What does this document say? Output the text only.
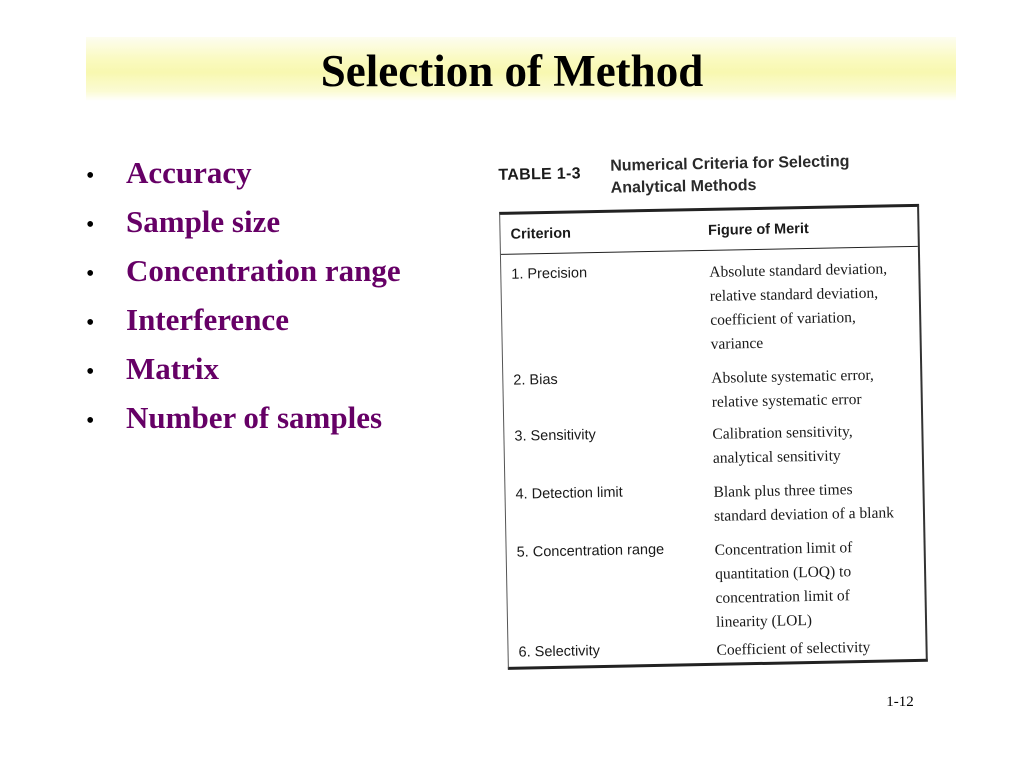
Selection of Method
•	Accuracy
•	Sample size
•	Concentration range
•	Interference
•	Matrix
•	Number of samples
TABLE 1-3	Numerical Criteria for Selecting
Analytical Methods
Criterion	Figure of Merit
1. Precision	Absolute standard deviation,
relative standard deviation,
coefficient of variation,
variance
2. Bias	Absolute systematic error,
relative systematic error
3. Sensitivity	Calibration sensitivity,
analytical sensitivity
4. Detection limit	Blank plus three times
standard deviation of a blank
5. Concentration range	Concentration limit of
quantitation (LOQ) to
concentration limit of
linearity (LOL)
6. Selectivity	Coefficient of selectivity
1-12
